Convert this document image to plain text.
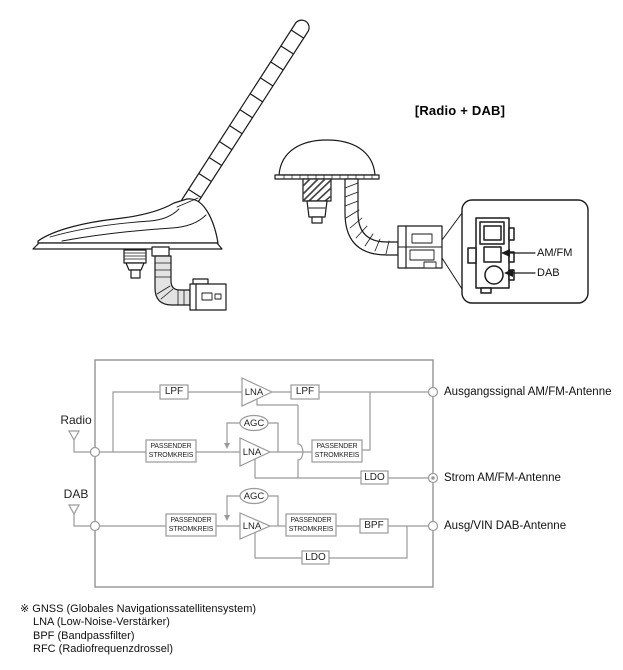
[Radio + DAB]
AM/FM
DAB
Radio
DAB
LPF	LPF
LNA
LNA
LNA
AGC
AGC
LDO
LDO
BPF
PASSENDER
STROMKREIS
PASSENDER
STROMKREIS
PASSENDER
STROMKREIS
PASSENDER
STROMKREIS
Ausgangssignal AM/FM-Antenne
Strom AM/FM-Antenne
Ausg/VIN DAB-Antenne
※ GNSS (Globales Navigationssatellitensystem)
LNA (Low-Noise-Verstärker)
BPF (Bandpassfilter)
RFC (Radiofrequenzdrossel)
